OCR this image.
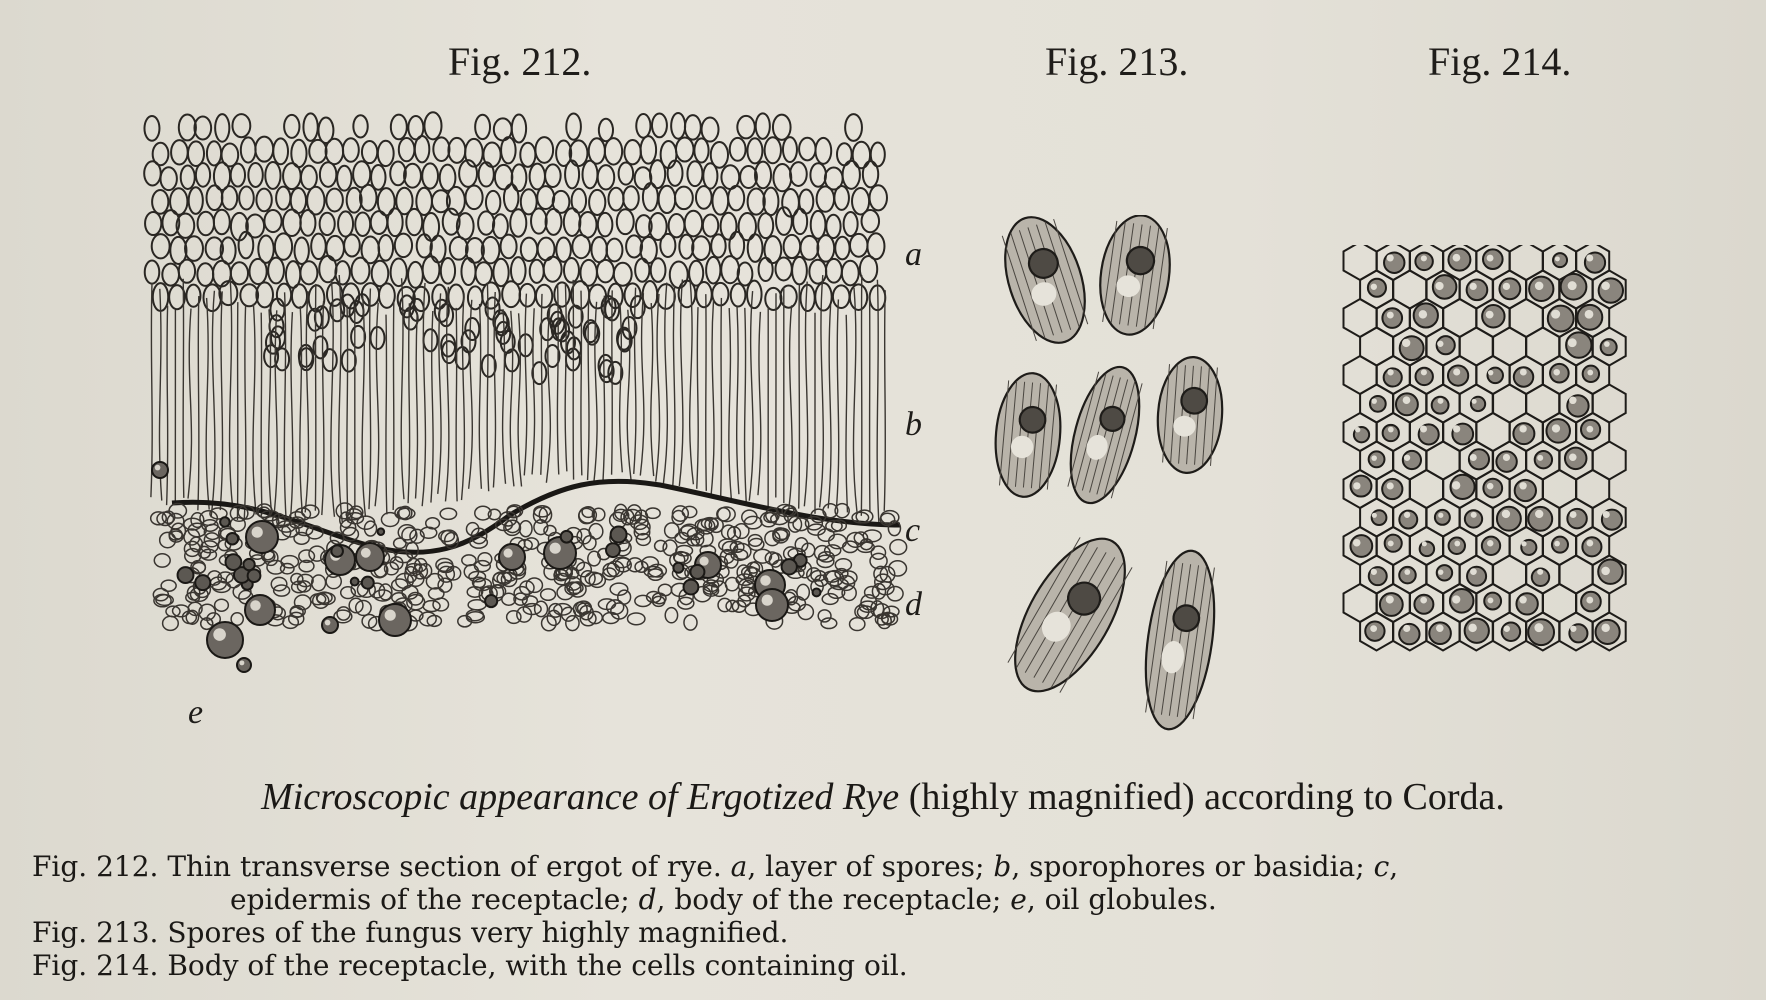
Fig. 212.	Fig. 213.	Fig. 214.
a
b
c
d
e
Microscopic appearance of Ergotized Rye (highly magnified) according to Corda.
Fig. 212. Thin transverse section of ergot of rye. a, layer of spores; b, sporophores or basidia; c,
epidermis of the receptacle; d, body of the receptacle; e, oil globules.
Fig. 213. Spores of the fungus very highly magnified.
Fig. 214. Body of the receptacle, with the cells containing oil.
